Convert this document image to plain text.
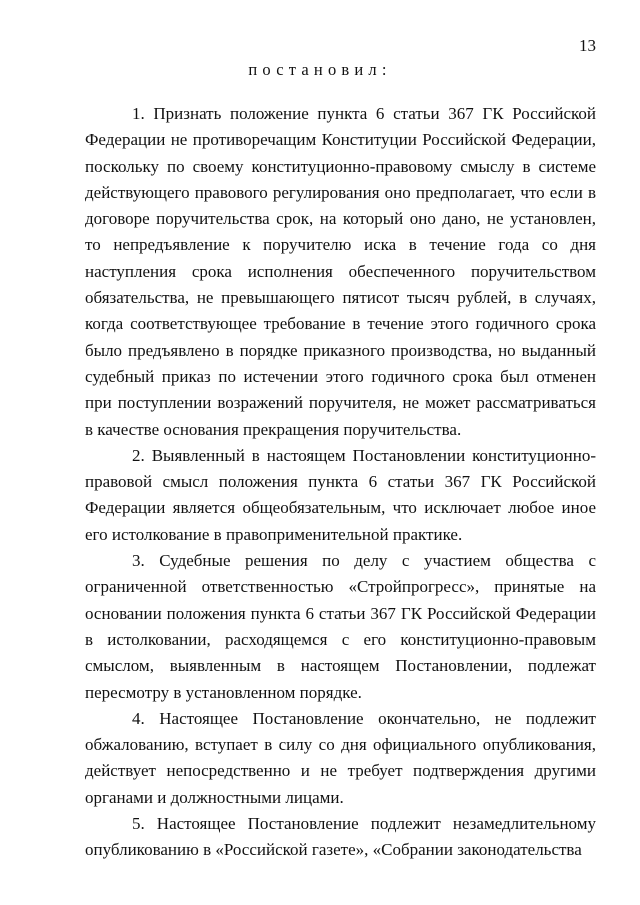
13
постановил:

1. Признать положение пункта 6 статьи 367 ГК Российской Федерации не противоречащим Конституции Российской Федерации, поскольку по своему конституционно-правовому смыслу в системе действующего правового регулирования оно предполагает, что если в договоре поручительства срок, на который оно дано, не установлен, то непредъявление к поручителю иска в течение года со дня наступления срока исполнения обеспеченного поручительством обязательства, не превышающего пятисот тысяч рублей, в случаях, когда соответствующее требование в течение этого годичного срока было предъявлено в порядке приказного производства, но выданный судебный приказ по истечении этого годичного срока был отменен при поступлении возражений поручителя, не может рассматриваться в качестве основания прекращения поручительства.

2. Выявленный в настоящем Постановлении конституционно-правовой смысл положения пункта 6 статьи 367 ГК Российской Федерации является общеобязательным, что исключает любое иное его истолкование в правоприменительной практике.

3. Судебные решения по делу с участием общества с ограниченной ответственностью «Стройпрогресс», принятые на основании положения пункта 6 статьи 367 ГК Российской Федерации в истолковании, расходящемся с его конституционно-правовым смыслом, выявленным в настоящем Постановлении, подлежат пересмотру в установленном порядке.

4. Настоящее Постановление окончательно, не подлежит обжалованию, вступает в силу со дня официального опубликования, действует непосредственно и не требует подтверждения другими органами и должностными лицами.

5. Настоящее Постановление подлежит незамедлительному опубликованию в «Российской газете», «Собрании законодательства
